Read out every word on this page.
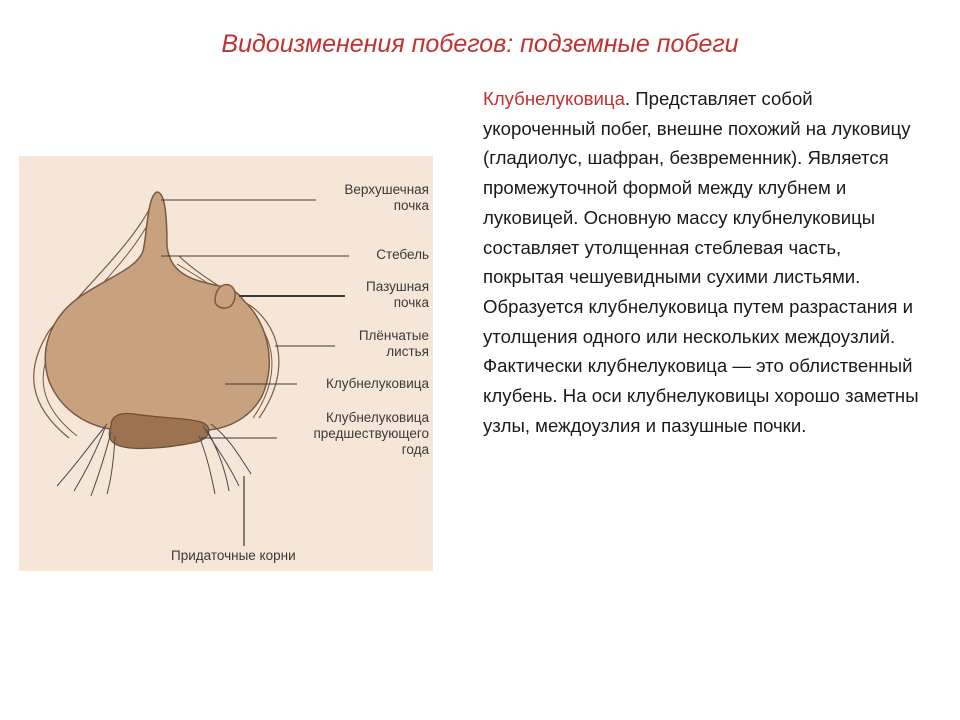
Видоизменения побегов: подземные побеги
Клубнелуковица. Представляет собой укороченный побег, внешне похожий на луковицу (гладиолус, шафран, безвременник). Является промежуточной формой между клубнем и луковицей. Основную массу клубнелуковицы составляет утолщенная стеблевая часть, покрытая чешуевидными сухими листьями. Образуется клубнелуковица путем разрастания и утолщения одного или нескольких междоузлий. Фактически клубнелуковица — это облиственный клубень. На оси клубнелуковицы хорошо заметны узлы, междоузлия и пазушные почки.
Верхушечная
почка
Стебель
Пазушная
почка
Плёнчатые
листья
Клубнелуковица
Клубнелуковица
предшествующего
года
Придаточные корни
